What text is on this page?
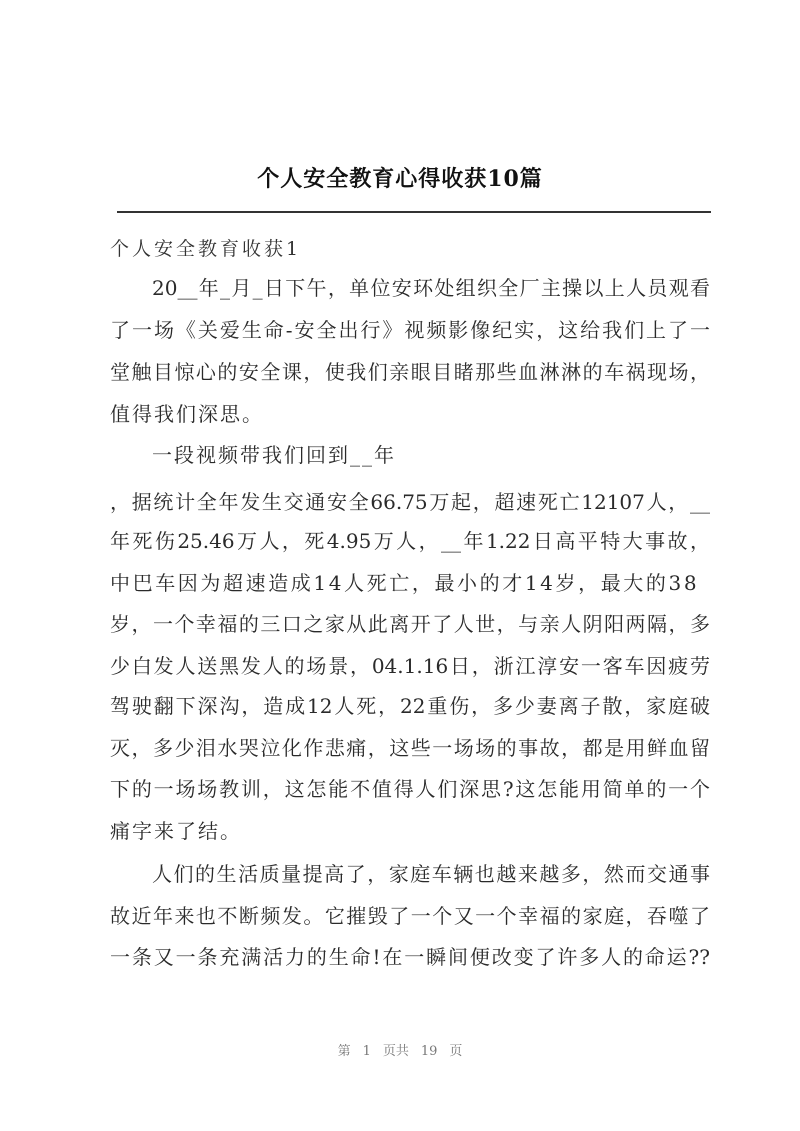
个人安全教育心得收获10篇
个人安全教育收获1
20__年_月_日下午，单位安环处组织全厂主操以上人员观看
了一场《关爱生命-安全出行》视频影像纪实，这给我们上了一
堂触目惊心的安全课，使我们亲眼目睹那些血淋淋的车祸现场，
值得我们深思。
一段视频带我们回到__年
，据统计全年发生交通安全66.75万起，超速死亡12107人，__
年死伤25.46万人，死4.95万人，__年1.22日高平特大事故，
中巴车因为超速造成14人死亡，最小的才14岁，最大的38
岁，一个幸福的三口之家从此离开了人世，与亲人阴阳两隔，多
少白发人送黑发人的场景，04.1.16日，浙江淳安一客车因疲劳
驾驶翻下深沟，造成12人死，22重伤，多少妻离子散，家庭破
灭，多少泪水哭泣化作悲痛，这些一场场的事故，都是用鲜血留
下的一场场教训，这怎能不值得人们深思?这怎能用简单的一个
痛字来了结。
人们的生活质量提高了，家庭车辆也越来越多，然而交通事
故近年来也不断频发。它摧毁了一个又一个幸福的家庭，吞噬了
一条又一条充满活力的生命!在一瞬间便改变了许多人的命运??
第 1 页共 19 页
